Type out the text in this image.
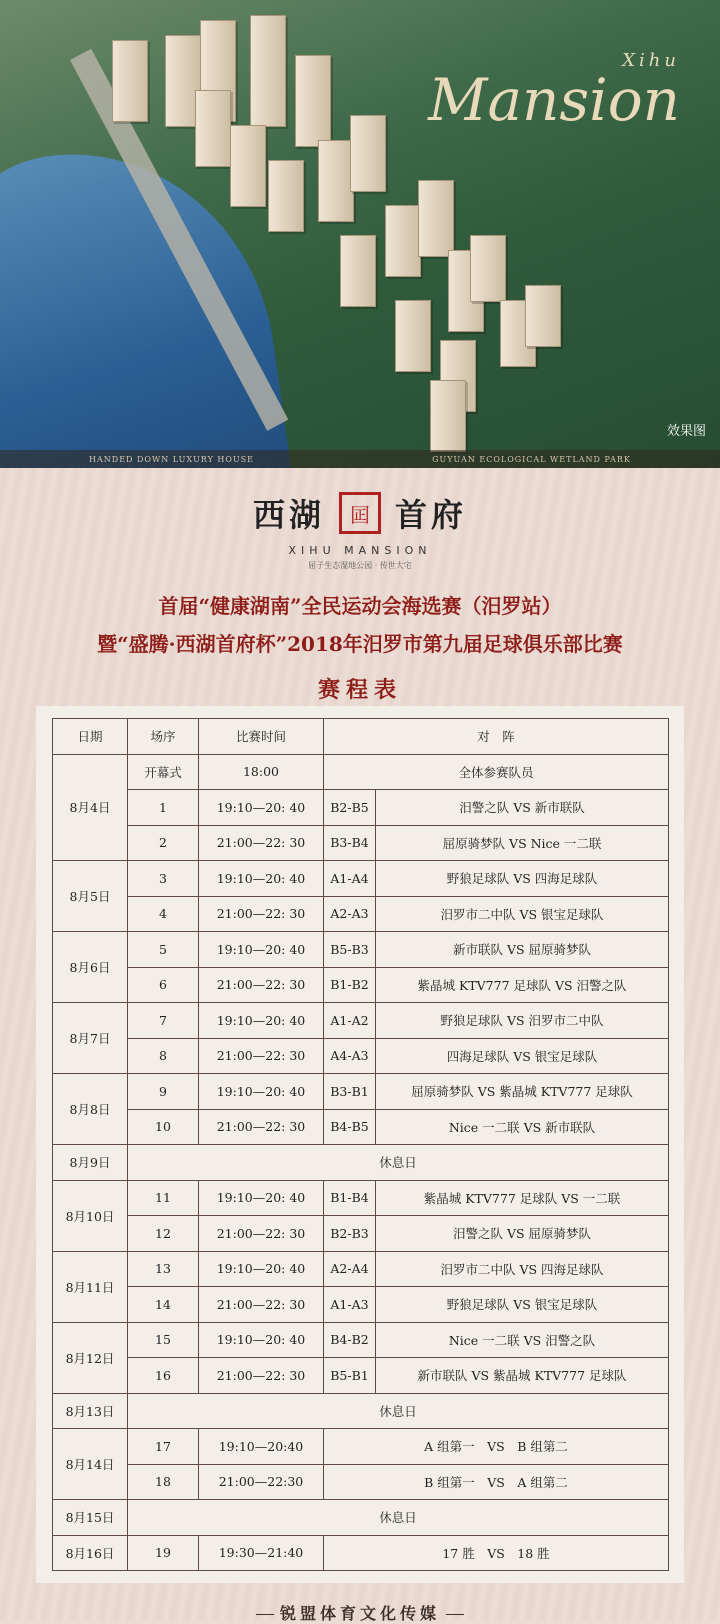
Xihu
Mansion
效果图
HANDED DOWN LUXURY HOUSE	GUYUAN ECOLOGICAL WETLAND PARK
西湖	囸 首府
XIHU MANSION
屈子生态湿地公园 · 传世大宅
首届“健康湖南”全民运动会海选赛（汨罗站）
暨“盛腾·西湖首府杯”2018年汨罗市第九届足球俱乐部比赛
赛程表
日期	场序	比赛时间	对　阵	
8月4日	开幕式	18:00	全体参赛队员	
	1	19:10—20: 40	B2-B5	汨警之队 VS 新市联队
	2	21:00—22: 30	B3-B4	屈原骑梦队 VS Nice 一二联
8月5日	3	19:10—20: 40	A1-A4	野狼足球队 VS 四海足球队
	4	21:00—22: 30	A2-A3	汨罗市二中队 VS 银宝足球队
8月6日	5	19:10—20: 40	B5-B3	新市联队 VS 屈原骑梦队
	6	21:00—22: 30	B1-B2	紫晶城 KTV777 足球队 VS 汨警之队
8月7日	7	19:10—20: 40	A1-A2	野狼足球队 VS 汨罗市二中队
	8	21:00—22: 30	A4-A3	四海足球队 VS 银宝足球队
8月8日	9	19:10—20: 40	B3-B1	屈原骑梦队 VS 紫晶城 KTV777 足球队
	10	21:00—22: 30	B4-B5	Nice 一二联 VS 新市联队
8月9日	休息日			
8月10日	11	19:10—20: 40	B1-B4	紫晶城 KTV777 足球队 VS 一二联
	12	21:00—22: 30	B2-B3	汨警之队 VS 屈原骑梦队
8月11日	13	19:10—20: 40	A2-A4	汨罗市二中队 VS 四海足球队
	14	21:00—22: 30	A1-A3	野狼足球队 VS 银宝足球队
8月12日	15	19:10—20: 40	B4-B2	Nice 一二联 VS 汨警之队
	16	21:00—22: 30	B5-B1	新市联队 VS 紫晶城 KTV777 足球队
8月13日	休息日			
8月14日	17	19:10—20:40	A 组第一　VS　B 组第二	
	18	21:00—22:30	B 组第一　VS　A 组第二	
8月15日	休息日			
8月16日	19	19:30—21:40	17 胜　VS　18 胜	
锐盟体育文化传媒
